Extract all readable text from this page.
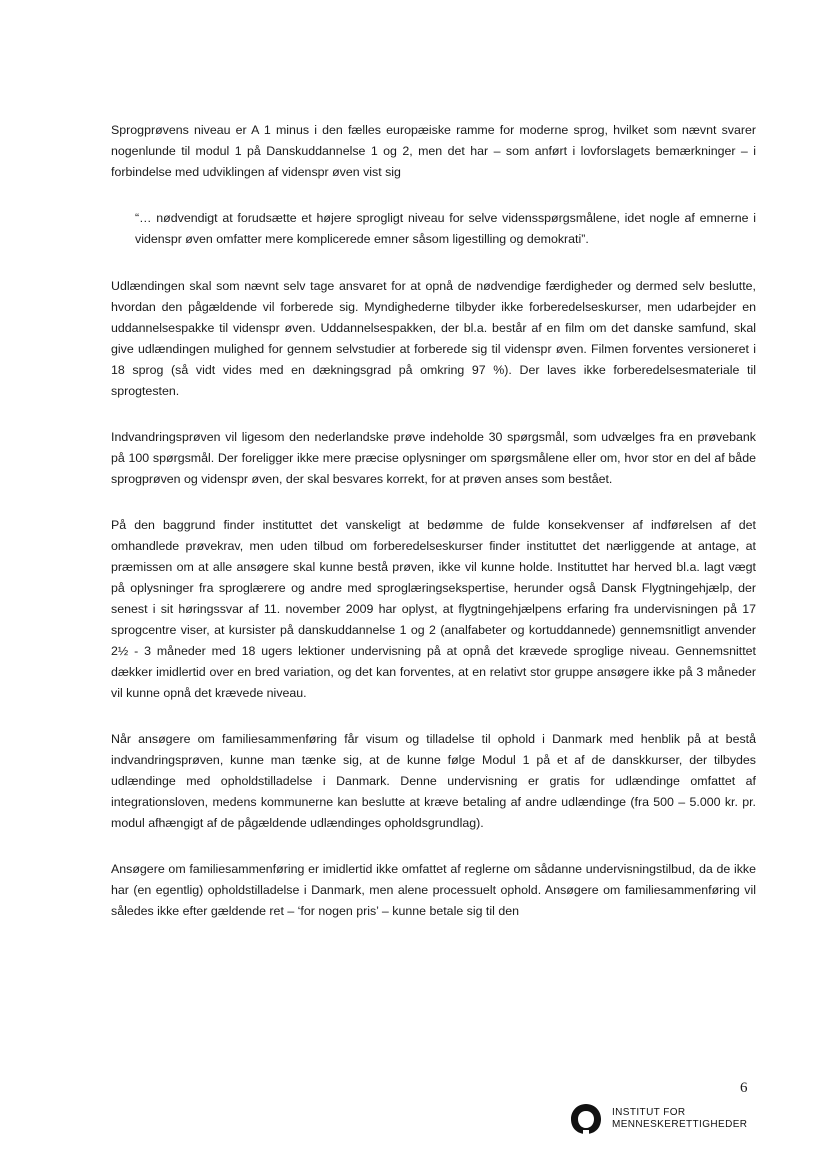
Sprogprøvens niveau er A 1 minus i den fælles europæiske ramme for moderne sprog, hvilket som nævnt svarer nogenlunde til modul 1 på Danskuddannelse 1 og 2, men det har – som anført i lovforslagets bemærkninger – i forbindelse med udviklingen af videnspr øven vist sig

“… nødvendigt at forudsætte et højere sprogligt niveau for selve vidensspørgsmålene, idet nogle af emnerne i videnspr øven omfatter mere komplicerede emner såsom ligestilling og demokrati”.

Udlændingen skal som nævnt selv tage ansvaret for at opnå de nødvendige færdigheder og dermed selv beslutte, hvordan den pågældende vil forberede sig. Myndighederne tilbyder ikke forberedelseskurser, men udarbejder en uddannelsespakke til videnspr øven. Uddannelsespakken, der bl.a. består af en film om det danske samfund, skal give udlændingen mulighed for gennem selvstudier at forberede sig til videnspr øven. Filmen forventes versioneret i 18 sprog (så vidt vides med en dækningsgrad på omkring 97 %). Der laves ikke forberedelsesmateriale til sprogtesten.

Indvandringsprøven vil ligesom den nederlandske prøve indeholde 30 spørgsmål, som udvælges fra en prøvebank på 100 spørgsmål. Der foreligger ikke mere præcise oplysninger om spørgsmålene eller om, hvor stor en del af både sprogprøven og videnspr øven, der skal besvares korrekt, for at prøven anses som bestået.

På den baggrund finder instituttet det vanskeligt at bedømme de fulde konsekvenser af indførelsen af det omhandlede prøvekrav, men uden tilbud om forberedelseskurser finder instituttet det nærliggende at antage, at præmissen om at alle ansøgere skal kunne bestå prøven, ikke vil kunne holde. Instituttet har herved bl.a. lagt vægt på oplysninger fra sproglærere og andre med sproglæringsekspertise, herunder også Dansk Flygtningehjælp, der senest i sit høringssvar af 11. november 2009 har oplyst, at flygtningehjælpens erfaring fra undervisningen på 17 sprogcentre viser, at kursister på danskuddannelse 1 og 2 (analfabeter og kortuddannede) gennemsnitligt anvender 2½ - 3 måneder med 18 ugers lektioner undervisning på at opnå det krævede sproglige niveau. Gennemsnittet dækker imidlertid over en bred variation, og det kan forventes, at en relativt stor gruppe ansøgere ikke på 3 måneder vil kunne opnå det krævede niveau.

Når ansøgere om familiesammenføring får visum og tilladelse til ophold i Danmark med henblik på at bestå indvandringsprøven, kunne man tænke sig, at de kunne følge Modul 1 på et af de danskkurser, der tilbydes udlændinge med opholdstilladelse i Danmark. Denne undervisning er gratis for udlændinge omfattet af integrationsloven, medens kommunerne kan beslutte at kræve betaling af andre udlændinge (fra 500 – 5.000 kr. pr. modul afhængigt af de pågældende udlændinges opholdsgrundlag).

Ansøgere om familiesammenføring er imidlertid ikke omfattet af reglerne om sådanne undervisningstilbud, da de ikke har (en egentlig) opholdstilladelse i Danmark, men alene processuelt ophold. Ansøgere om familiesammenføring vil således ikke efter gældende ret – ‘for nogen pris’ – kunne betale sig til den

6
INSTITUT FOR
MENNESKERETTIGHEDER
